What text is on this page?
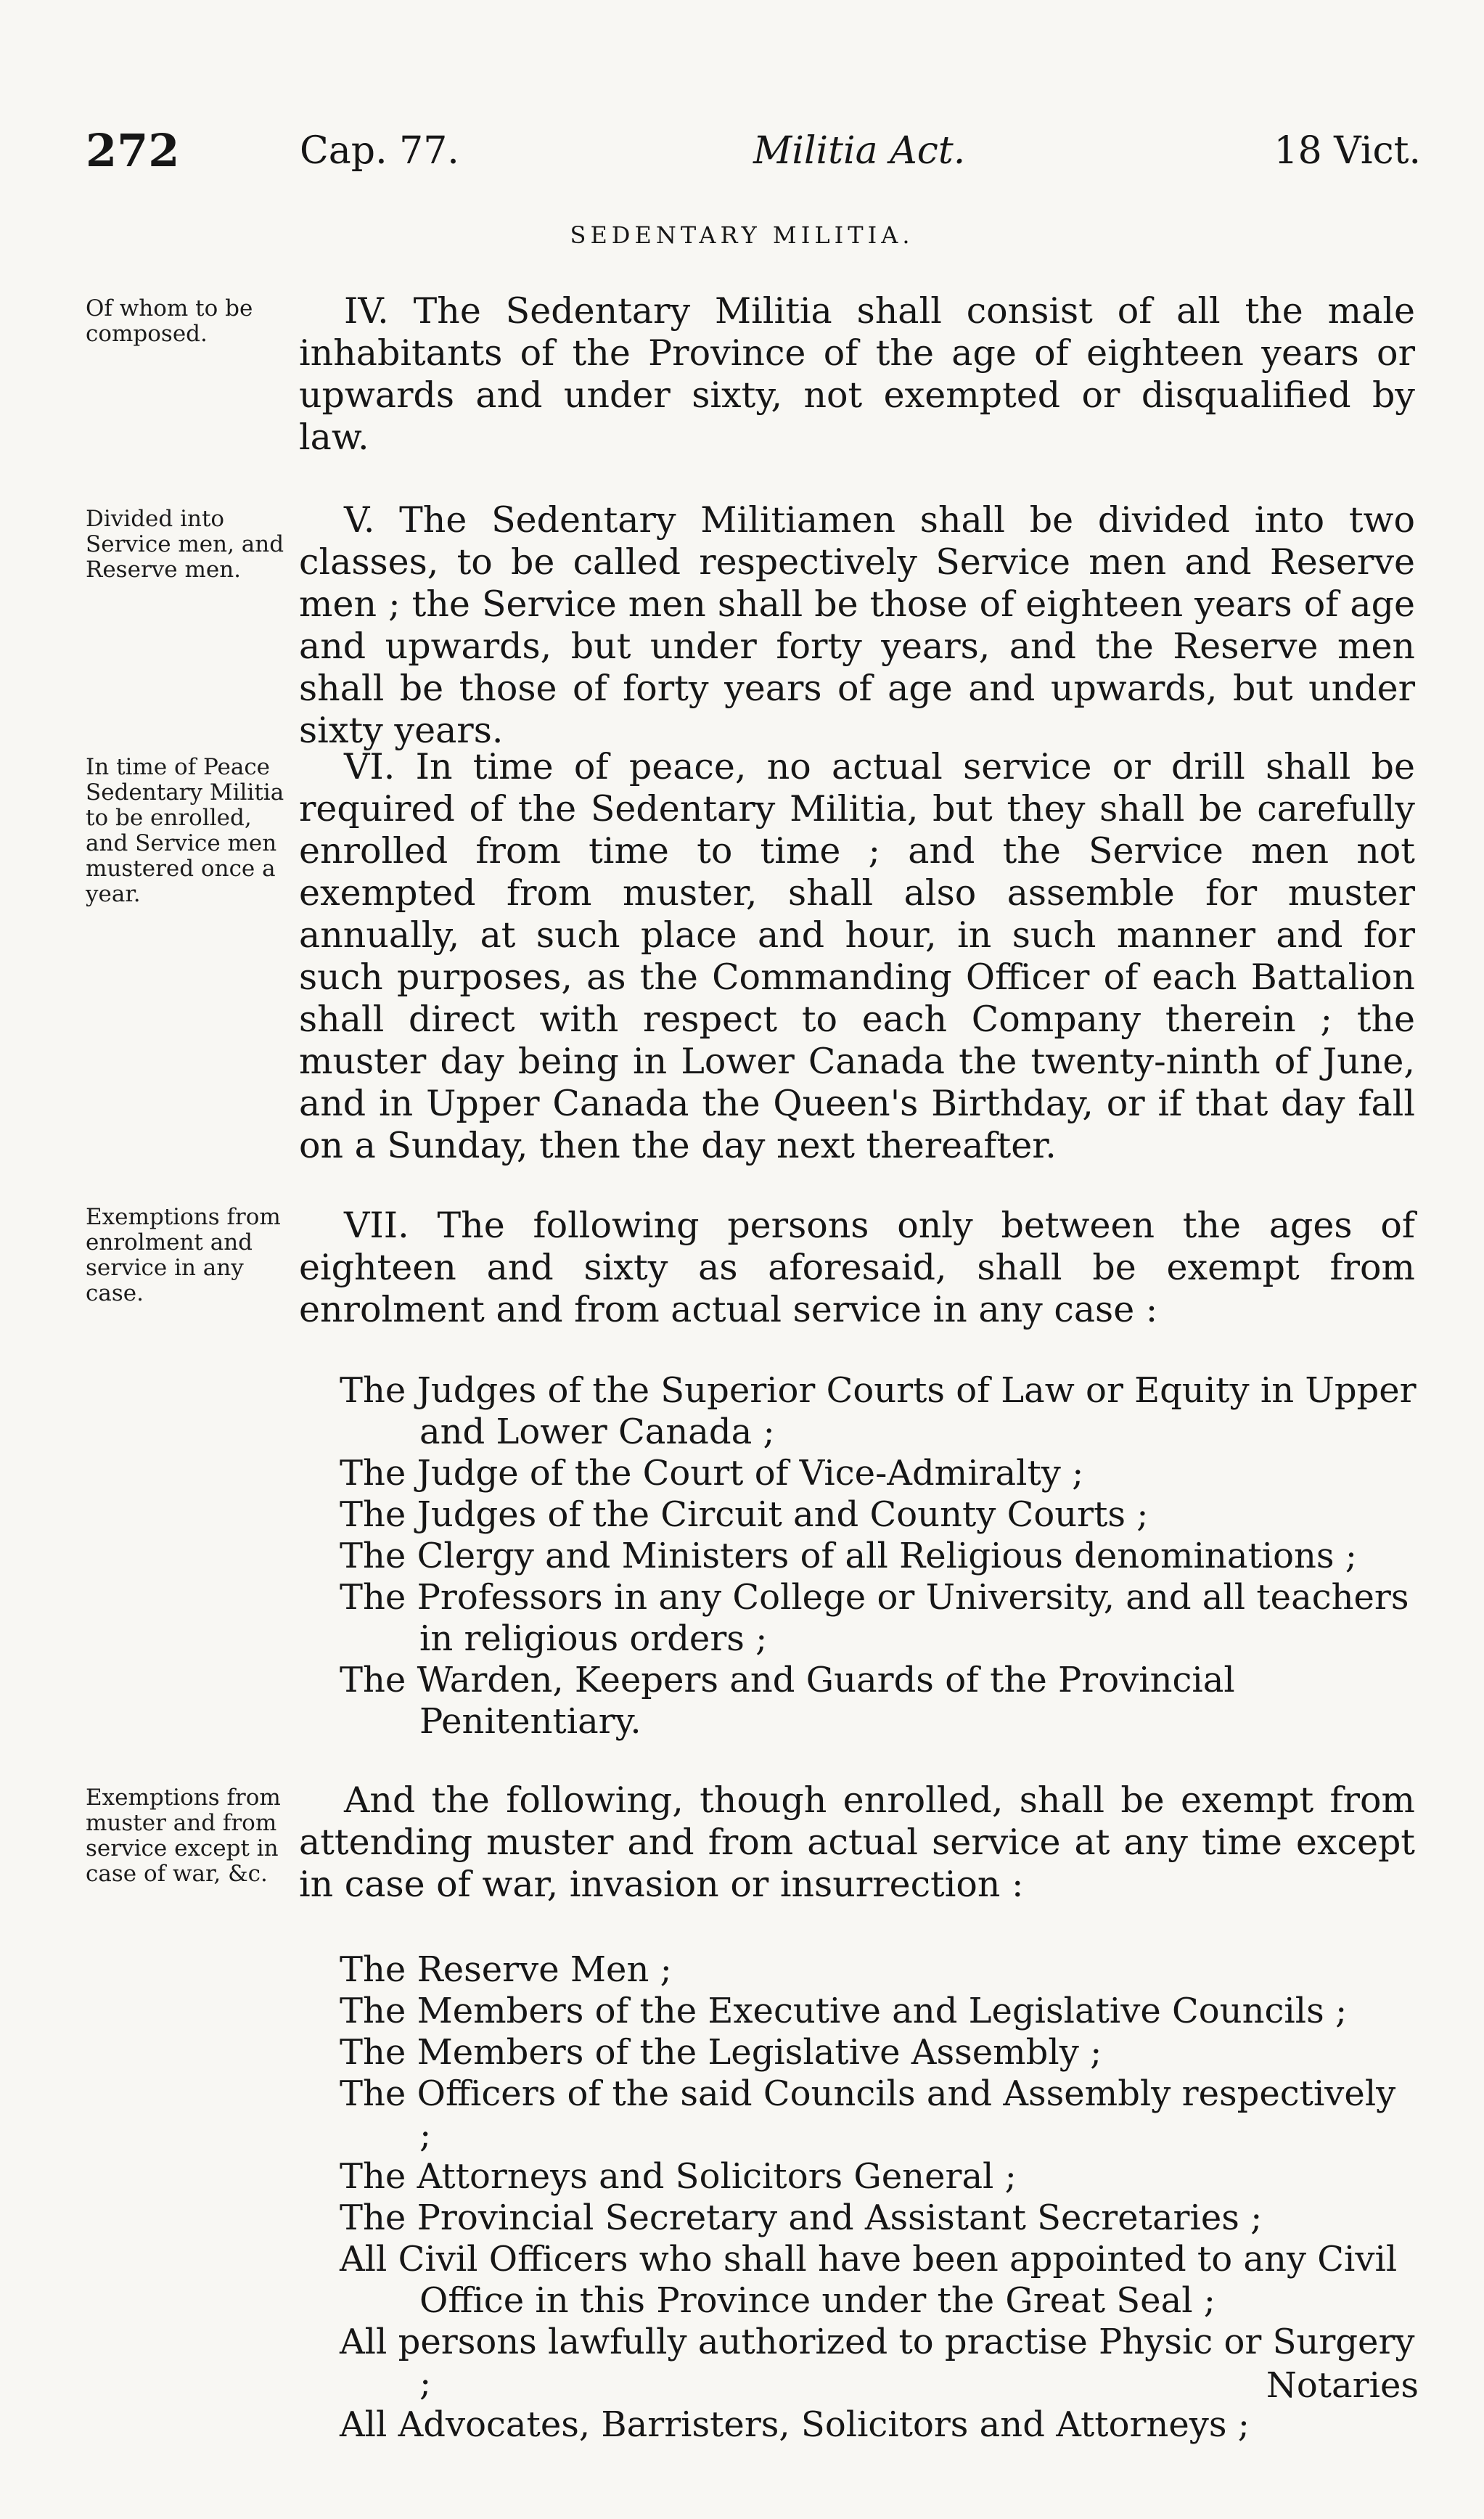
272	Cap. 77.	Militia Act.	18 Vict.
SEDENTARY MILITIA.
Of whom to be composed.

IV. The Sedentary Militia shall consist of all the male inhabitants of the Province of the age of eighteen years or upwards and under sixty, not exempted or disqualified by law.

Divided into Service men, and Reserve men.

V. The Sedentary Militiamen shall be divided into two classes, to be called respectively Service men and Reserve men ; the Service men shall be those of eighteen years of age and upwards, but under forty years, and the Reserve men shall be those of forty years of age and upwards, but under sixty years.

In time of Peace Sedentary Militia to be enrolled, and Service men mustered once a year.

VI. In time of peace, no actual service or drill shall be required of the Sedentary Militia, but they shall be carefully enrolled from time to time ; and the Service men not exempted from muster, shall also assemble for muster annually, at such place and hour, in such manner and for such purposes, as the Commanding Officer of each Battalion shall direct with respect to each Company therein ; the muster day being in Lower Canada the twenty-ninth of June, and in Upper Canada the Queen's Birthday, or if that day fall on a Sunday, then the day next thereafter.

Exemptions from enrolment and service in any case.

VII. The following persons only between the ages of eighteen and sixty as aforesaid, shall be exempt from enrolment and from actual service in any case :

The Judges of the Superior Courts of Law or Equity in Upper and Lower Canada ;
The Judge of the Court of Vice-Admiralty ;
The Judges of the Circuit and County Courts ;
The Clergy and Ministers of all Religious denominations ;
The Professors in any College or University, and all teachers in religious orders ;
The Warden, Keepers and Guards of the Provincial Penitentiary.
Exemptions from muster and from service except in case of war, &c.

And the following, though enrolled, shall be exempt from attending muster and from actual service at any time except in case of war, invasion or insurrection :

The Reserve Men ;
The Members of the Executive and Legislative Councils ;
The Members of the Legislative Assembly ;
The Officers of the said Councils and Assembly respectively ;
The Attorneys and Solicitors General ;
The Provincial Secretary and Assistant Secretaries ;
All Civil Officers who shall have been appointed to any Civil Office in this Province under the Great Seal ;
All persons lawfully authorized to practise Physic or Surgery ;
All Advocates, Barristers, Solicitors and Attorneys ;
Notaries
